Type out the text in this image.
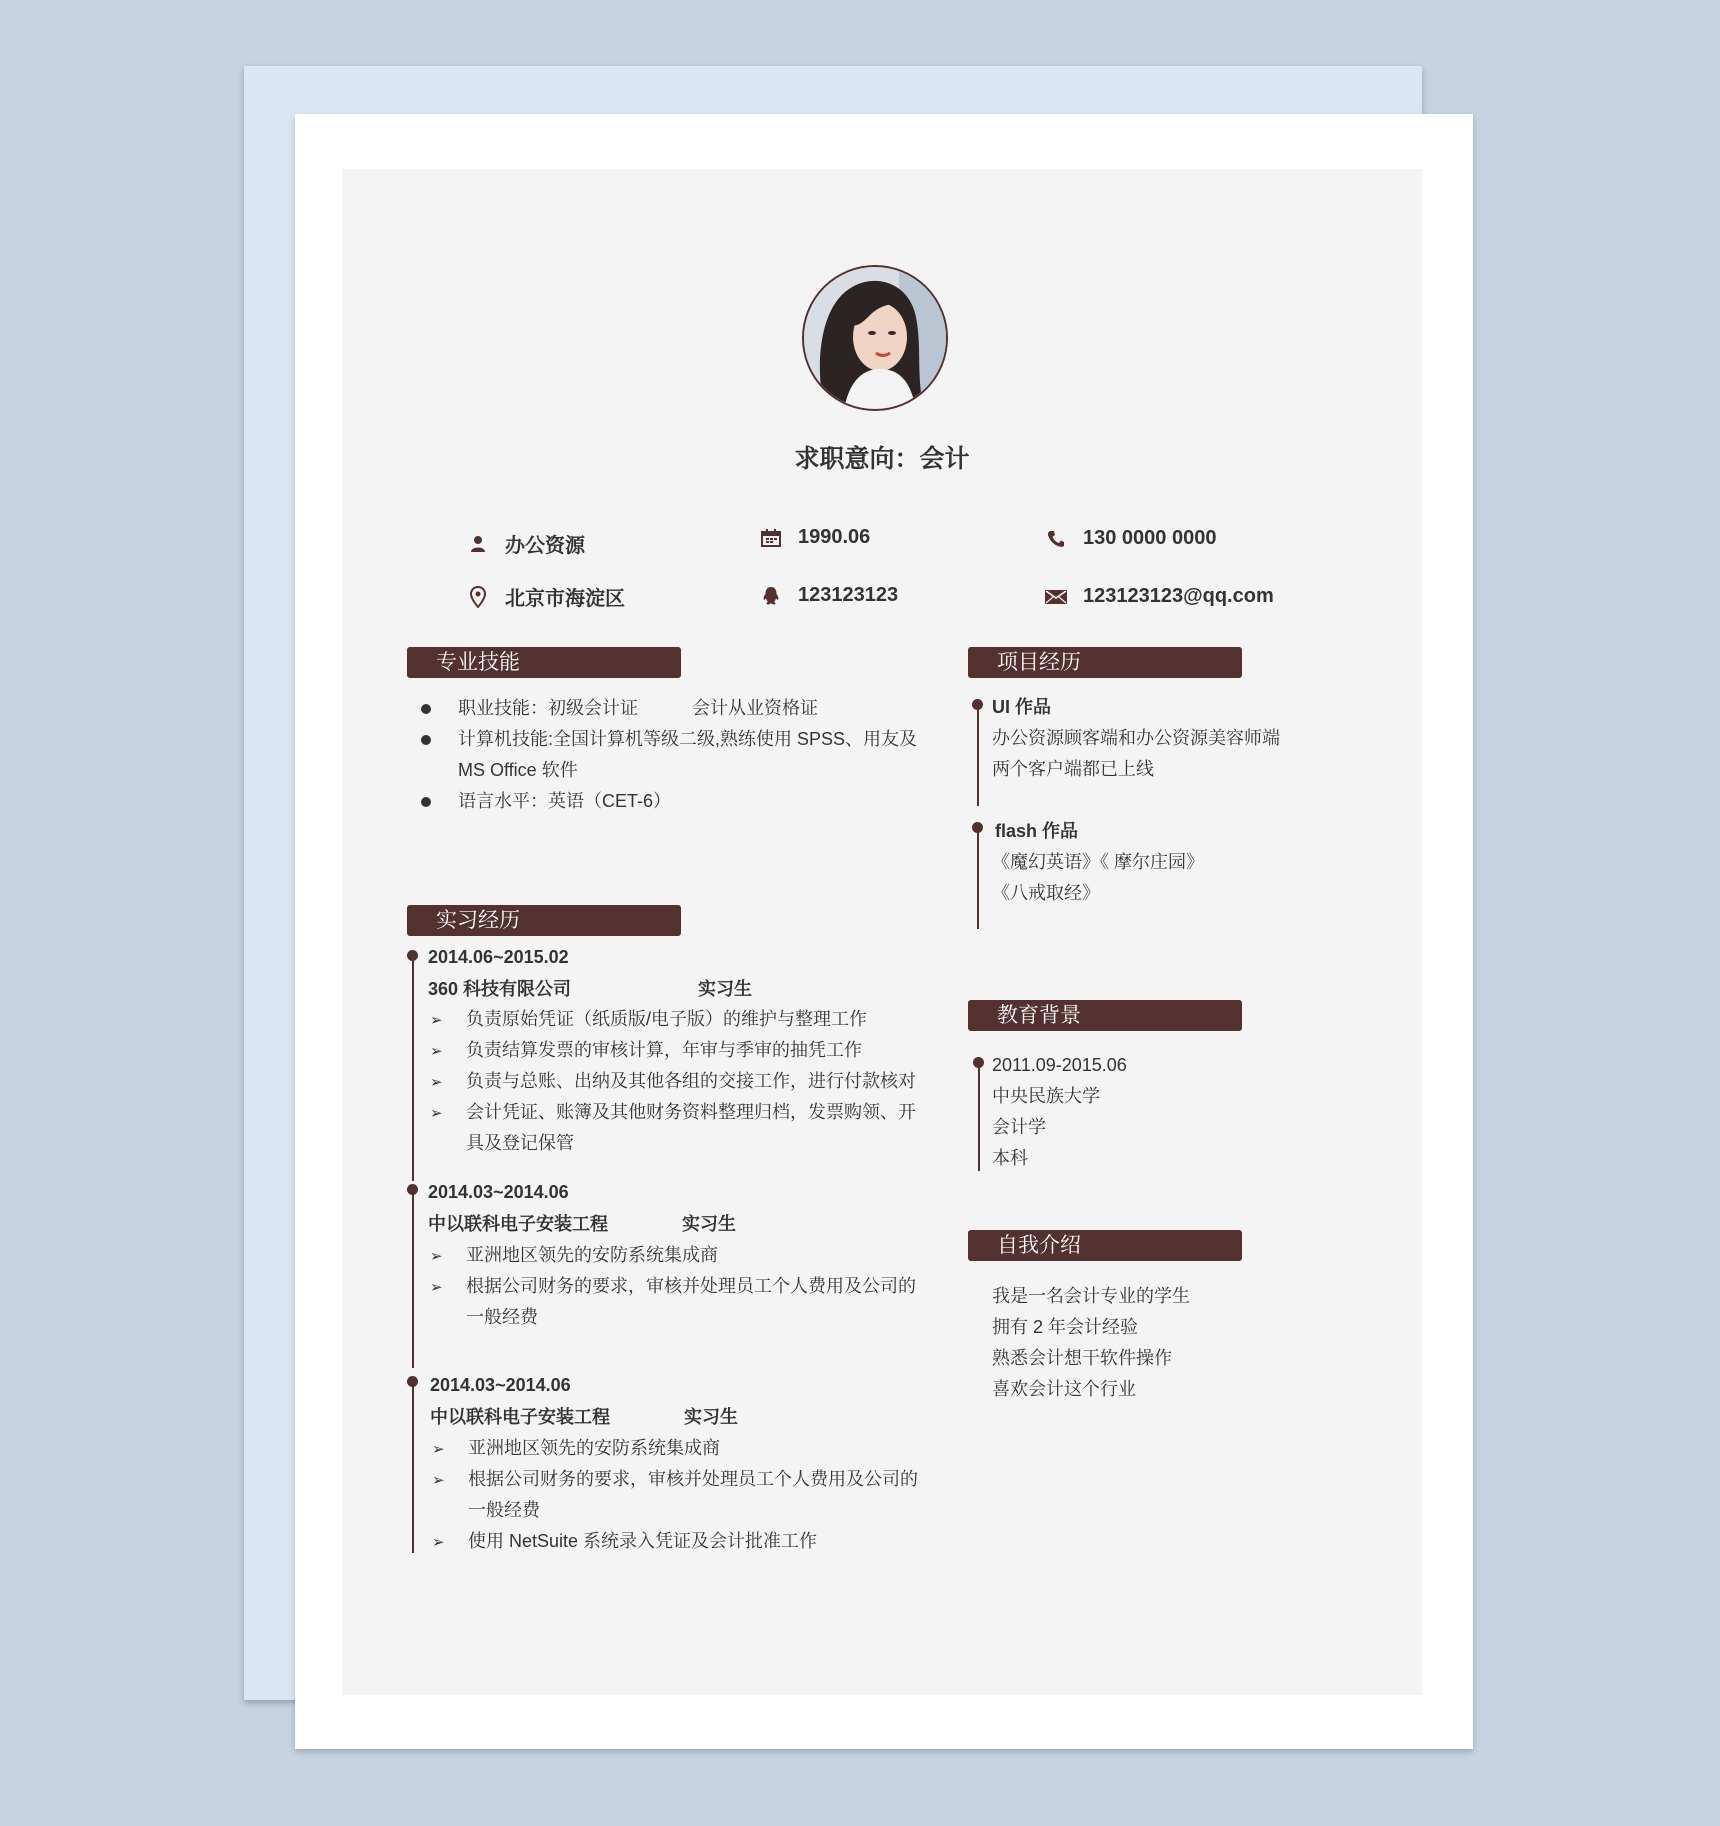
求职意向：会计
办公资源	1990.06	130 0000 0000
北京市海淀区	123123123	123123123@qq.com
专业技能
职业技能：初级会计证　　　会计从业资格证
计算机技能:全国计算机等级二级,熟练使用 SPSS、用友及
MS Office 软件
语言水平：英语（CET-6）
实习经历
2014.06~2015.02
360 科技有限公司	实习生
➢ 负责原始凭证（纸质版/电子版）的维护与整理工作
➢ 负责结算发票的审核计算，年审与季审的抽凭工作
➢ 负责与总账、出纳及其他各组的交接工作，进行付款核对
➢ 会计凭证、账簿及其他财务资料整理归档，发票购领、开
具及登记保管
2014.03~2014.06
中以联科电子安装工程	实习生
➢ 亚洲地区领先的安防系统集成商
➢ 根据公司财务的要求，审核并处理员工个人费用及公司的
一般经费
2014.03~2014.06
中以联科电子安装工程	实习生
➢ 亚洲地区领先的安防系统集成商
➢ 根据公司财务的要求，审核并处理员工个人费用及公司的
一般经费
➢ 使用 NetSuite 系统录入凭证及会计批准工作
项目经历
UI 作品
办公资源顾客端和办公资源美容师端
两个客户端都已上线
flash 作品
《魔幻英语》《 摩尔庄园》
《八戒取经》
教育背景
2011.09-2015.06
中央民族大学
会计学
本科
自我介绍
我是一名会计专业的学生
拥有 2 年会计经验
熟悉会计想干软件操作
喜欢会计这个行业
